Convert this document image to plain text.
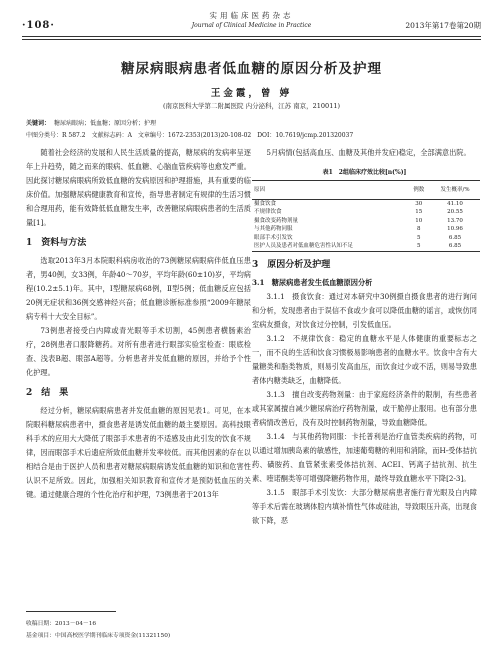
·108·
实用临床医药杂志
Journal of Clinical Medicine in Practice	2013年第17卷第20期
糖尿病眼病患者低血糖的原因分析及护理
王金霞，曾 婷
(南京医科大学第二附属医院 内分泌科，江苏 南京，210011)
关键词： 糖尿病眼病；低血糖；原因分析；护理
中图分类号：R 587.2　文献标志码：A　文章编号：1672-2353(2013)20-108-02　DOI：10.7619/jcmp.201320037

随着社会经济的发展和人民生活质量的提高，糖尿病的发病率呈逐年上升趋势，随之而来的眼病、低血糖、心脑血管疾病等也愈发严重。因此探讨糖尿病眼病所致低血糖的发病原因和护理措施，具有重要的临床价值。加强糖尿病健康教育和宣传，指导患者制定有规律的生活习惯和合理用药，能有效降低低血糖发生率，改善糖尿病眼病患者的生活质量[1]。

1　资料与方法

选取2013年3月本院眼科病房收治的73例糖尿病眼病伴低血压患者，男40例，女33例，年龄40～70岁，平均年龄(60±10)岁，平均病程(10.2±5.1)年。其中，Ⅰ型糖尿病68例，Ⅱ型5例；低血糖反应包括20例无症状和36例交感神经兴奋；低血糖诊断标准参照“2009年糖尿病专科十大安全目标”。

73例患者接受白内障或青光眼等手术切割，45例患者横肠素治疗，28例患者口服降糖药。对所有患者进行眼部实验室检查：眼底检查、浅表B超、眼部A超等。分析患者并发低血糖的原因，并给予个性化护理。

2　结　果

经过分析，糖尿病眼病患者并发低血糖的原因见表1。可见，在本院眼科糖尿病患者中，摄食患者是诱发低血糖的最主要原因。高科技眼科手术的应用大大降低了眼部手术患者的不适感及由此引发的饮食不规律，因而眼部手术后遗症所致低血糖并发率较低。而其他因素的存在以相结合是由于医护人员和患者对糖尿病眼病诱发低血糖的知识和危害性认识不足所致。因此，加强相关知识教育和宣传才是预防低血压的关键。通过健康合理的个性化治疗和护理，73例患者于2013年

5月病情(包括高血压、血糖及其他并发症)稳定，全部满意出院。

表1　2组临床疗效比较[n(%)]
原因	例数	发生概率/%
摄食饮食	30	41.10
不规律饮食	15	20.55
摄食改变药物剂量	10	13.70
与其他药物同服	8	10.96
眼部手术引发饮	5	6.85
医护人员及患者对低血糖危害性认知不足	5	6.85
3　原因分析及护理
3.1　糖尿病患者发生低血糖原因分析

3.1.1　摄食饮食：通过对本研究中30例摄自摄食患者的进行询问和分析，发现患者由于误信不食或少食可以降低血糖的谣言，或恢仿同室病友摄食，对饮食过分控制，引发低血压。

3.1.2　不规律饮食：稳定的血糖水平是人体健康的重要标志之一，而不良的生活和饮食习惯极易影响患者的血糖水平。饮食中含有大量糖类和脂类物质，则易引发高血压，而饮食过少或不活，则易导致患者体内糖类缺乏，血糖降低。

3.1.3　擅自改变药物剂量：由于家庭经济条件的限制，有些患者或其家属擅自减少糖尿病治疗药物剂量，或干脆停止服用。也有部分患者病情改善后，没有及时控制药物剂量，导致血糖降低。

3.1.4　与其他药物同服：卡托普利是治疗血管类疾病的药物，可以通过增加胰岛素的敏感性，加速葡萄糖的利用和消除，而H-受体拮抗药、磺胺药、血管紧张素受体拮抗剂、ACEI、钙离子拮抗剂、抗生素、喹诺酮类等可增强降糖药物作用，最终导致血糖水平下降[2-3]。

3.1.5　眼部手术引发饮：大部分糖尿病患者施行青光眼及白内障等手术后需在玻璃体腔内填补惰性气体或硅油，导致眼压升高，出现食欲下降，恶

收稿日期：2013－04－16
基金项目：中国高校医学期刊临床专项资金(11321150)
